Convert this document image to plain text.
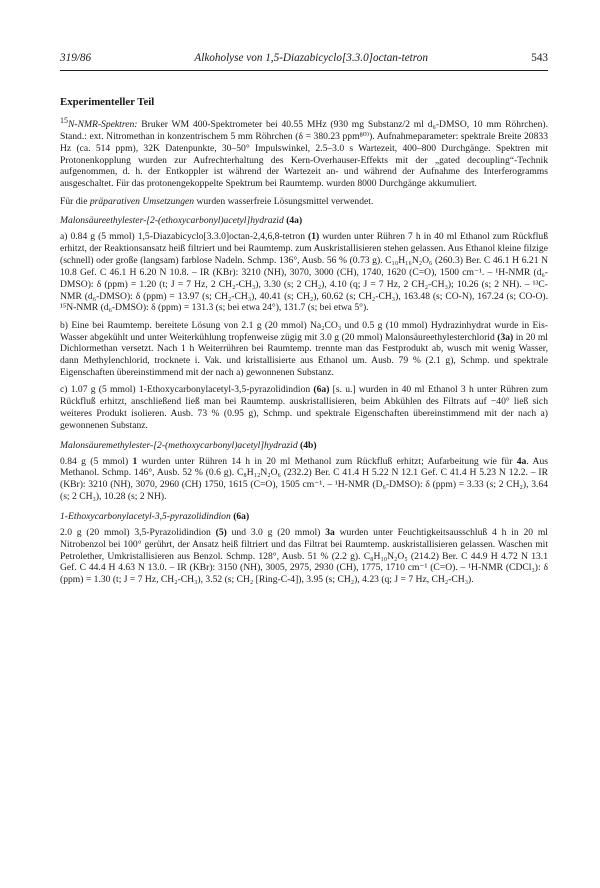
319/86	Alkoholyse von 1,5-Diazabicyclo[3.3.0]octan-tetron	543
Experimenteller Teil

$^{15}$N-NMR-Spektren: Bruker WM 400-Spektrometer bei 40.55 MHz (930 mg Substanz/2 ml d₆-DMSO, 10 mm Röhrchen). Stand.: ext. Nitromethan in konzentrischem 5 mm Röhrchen (δ = 380.23 ppm⁸⁰⁾). Aufnahmeparameter: spektrale Breite 20833 Hz (ca. 514 ppm), 32K Datenpunkte, 30–50° Impulswinkel, 2.5–3.0 s Wartezeit, 400–800 Durchgänge. Spektren mit Protonenkopplung wurden zur Aufrechterhaltung des Kern-Overhauser-Effekts mit der „gated decoupling“-Technik aufgenommen, d. h. der Entkoppler ist während der Wartezeit an- und während der Aufnahme des Interferogramms ausgeschaltet. Für das protonengekoppelte Spektrum bei Raumtemp. wurden 8000 Durchgänge akkumuliert.

Für die präparativen Umsetzungen wurden wasserfreie Lösungsmittel verwendet.

Malonsäureethylester-[2-(ethoxycarbonyl)acetyl]hydrazid (4a)

a) 0.84 g (5 mmol) 1,5-Diazabicyclo[3.3.0]octan-2,4,6,8-tetron (1) wurden unter Rühren 7 h in 40 ml Ethanol zum Rückfluß erhitzt, der Reaktionsansatz heiß filtriert und bei Raumtemp. zum Auskristallisieren stehen gelassen. Aus Ethanol kleine filzige (schnell) oder große (langsam) farblose Nadeln. Schmp. 136°, Ausb. 56 % (0.73 g). C₁₀H₁₆N₂O₆ (260.3) Ber. C 46.1 H 6.21 N 10.8 Gef. C 46.1 H 6.20 N 10.8. – IR (KBr): 3210 (NH), 3070, 3000 (CH), 1740, 1620 (C=O), 1500 cm⁻¹. – ¹H-NMR (d₆-DMSO): δ (ppm) = 1.20 (t; J = 7 Hz, 2 CH₂-CH₃), 3.30 (s; 2 CH₂), 4.10 (q; J = 7 Hz, 2 CH₂-CH₃); 10.26 (s; 2 NH). – ¹³C-NMR (d₆-DMSO): δ (ppm) = 13.97 (s; CH₂-CH₃), 40.41 (s; CH₂), 60.62 (s; CH₂-CH₃), 163.48 (s; CO-N), 167.24 (s; CO-O). ¹⁵N-NMR (d₆-DMSO): δ (ppm) = 131.3 (s; bei etwa 24°), 131.7 (s; bei etwa 5°).

b) Eine bei Raumtemp. bereitete Lösung von 2.1 g (20 mmol) Na₂CO₃ und 0.5 g (10 mmol) Hydrazinhydrat wurde in Eis-Wasser abgekühlt und unter Weiterkühlung tropfenweise zügig mit 3.0 g (20 mmol) Malonsäureethylesterchlorid (3a) in 20 ml Dichlormethan versetzt. Nach 1 h Weiterrühren bei Raumtemp. trennte man das Festprodukt ab, wusch mit wenig Wasser, dann Methylenchlorid, trocknete i. Vak. und kristallisierte aus Ethanol um. Ausb. 79 % (2.1 g), Schmp. und spektrale Eigenschaften übereinstimmend mit der nach a) gewonnenen Substanz.

c) 1.07 g (5 mmol) 1-Ethoxycarbonylacetyl-3,5-pyrazolidindion (6a) [s. u.] wurden in 40 ml Ethanol 3 h unter Rühren zum Rückfluß erhitzt, anschließend ließ man bei Raumtemp. auskristallisieren, beim Abkühlen des Filtrats auf −40° ließ sich weiteres Produkt isolieren. Ausb. 73 % (0.95 g), Schmp. und spektrale Eigenschaften übereinstimmend mit der nach a) gewonnenen Substanz.

Malonsäuremethylester-[2-(methoxycarbonyl)acetyl]hydrazid (4b)

0.84 g (5 mmol) 1 wurden unter Rühren 14 h in 20 ml Methanol zum Rückfluß erhitzt; Aufarbeitung wie für 4a. Aus Methanol. Schmp. 146°, Ausb. 52 % (0.6 g). C₈H₁₂N₂O₆ (232.2) Ber. C 41.4 H 5.22 N 12.1 Gef. C 41.4 H 5.23 N 12.2. – IR (KBr): 3210 (NH), 3070, 2960 (CH) 1750, 1615 (C=O), 1505 cm⁻¹. – ¹H-NMR (D₆-DMSO): δ (ppm) = 3.33 (s; 2 CH₂), 3.64 (s; 2 CH₃), 10.28 (s; 2 NH).

1-Ethoxycarbonylacetyl-3,5-pyrazolidindion (6a)

2.0 g (20 mmol) 3,5-Pyrazolidindion (5) und 3.0 g (20 mmol) 3a wurden unter Feuchtigkeitsausschluß 4 h in 20 ml Nitrobenzol bei 100° gerührt, der Ansatz heiß filtriert und das Filtrat bei Raumtemp. auskristallisieren gelassen. Waschen mit Petrolether, Umkristallisieren aus Benzol. Schmp. 128°, Ausb. 51 % (2.2 g). C₈H₁₀N₂O₅ (214.2) Ber. C 44.9 H 4.72 N 13.1 Gef. C 44.4 H 4.63 N 13.0. – IR (KBr): 3150 (NH), 3005, 2975, 2930 (CH), 1775, 1710 cm⁻¹ (C=O). – ¹H-NMR (CDCl₃): δ (ppm) = 1.30 (t; J = 7 Hz, CH₂-CH₃), 3.52 (s; CH₂ [Ring-C-4]), 3.95 (s; CH₂), 4.23 (q; J = 7 Hz, CH₂-CH₃).
